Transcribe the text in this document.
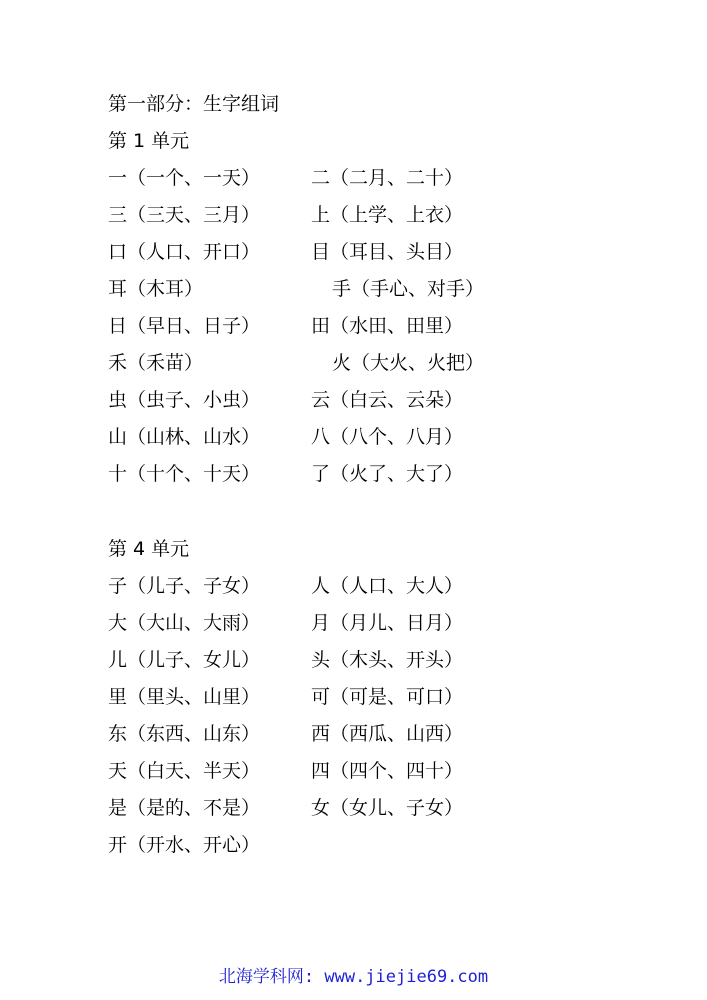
第一部分：生字组词
第 1 单元
一（一个、一天）	二（二月、二十）
三（三天、三月）	上（上学、上衣）
口（人口、开口）	目（耳目、头目）
耳（木耳）	手（手心、对手）
日（早日、日子）	田（水田、田里）
禾（禾苗）	火（大火、火把）
虫（虫子、小虫）	云（白云、云朵）
山（山林、山水）	八（八个、八月）
十（十个、十天）	了（火了、大了）
第 4 单元
子（儿子、子女）	人（人口、大人）
大（大山、大雨）	月（月儿、日月）
儿（儿子、女儿）	头（木头、开头）
里（里头、山里）	可（可是、可口）
东（东西、山东）	西（西瓜、山西）
天（白天、半天）	四（四个、四十）
是（是的、不是）	女（女儿、子女）
开（开水、开心）
北海学科网: www.jiejie69.com
